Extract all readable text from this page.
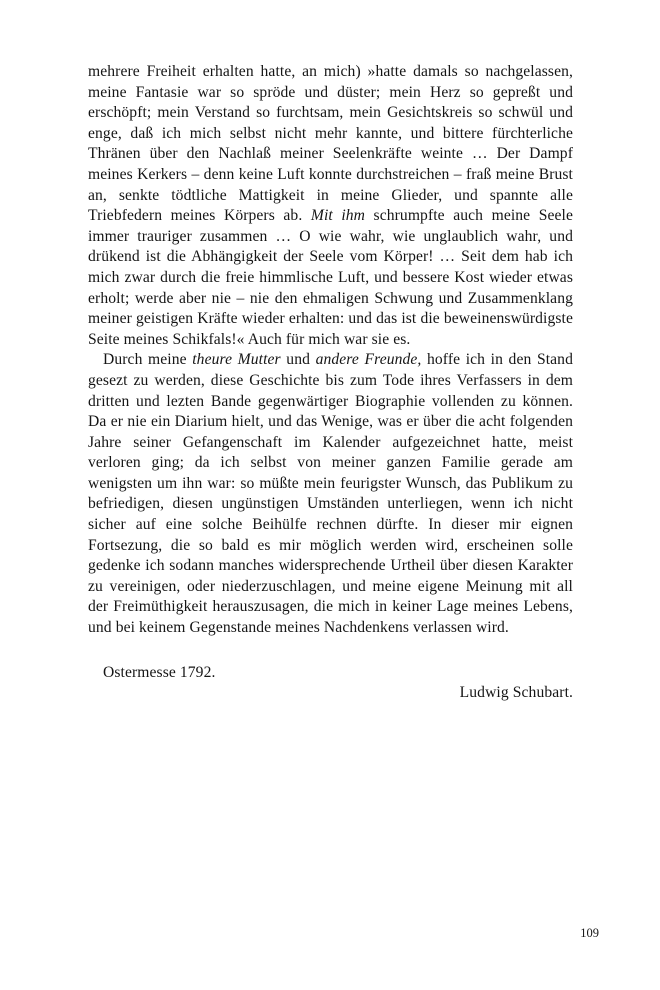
mehrere Freiheit erhalten hatte, an mich) »hatte damals so nachgelassen, meine Fantasie war so spröde und düster; mein Herz so gepreßt und erschöpft; mein Verstand so furchtsam, mein Gesichtskreis so schwül und enge, daß ich mich selbst nicht mehr kannte, und bittere fürchterliche Thränen über den Nachlaß meiner Seelenkräfte weinte … Der Dampf meines Kerkers – denn keine Luft konnte durchstreichen – fraß meine Brust an, senkte tödtliche Mattigkeit in meine Glieder, und spannte alle Triebfedern meines Körpers ab. Mit ihm schrumpfte auch meine Seele immer trauriger zusammen … O wie wahr, wie unglaublich wahr, und drükend ist die Abhängigkeit der Seele vom Körper! … Seit dem hab ich mich zwar durch die freie himmlische Luft, und bessere Kost wieder etwas erholt; werde aber nie – nie den ehmaligen Schwung und Zusammenklang meiner geistigen Kräfte wieder erhalten: und das ist die beweinenswürdigste Seite meines Schikfals!« Auch für mich war sie es.

Durch meine theure Mutter und andere Freunde, hoffe ich in den Stand gesezt zu werden, diese Geschichte bis zum Tode ihres Verfassers in dem dritten und lezten Bande gegenwärtiger Biographie vollenden zu können. Da er nie ein Diarium hielt, und das Wenige, was er über die acht folgenden Jahre seiner Gefangenschaft im Kalender aufgezeichnet hatte, meist verloren ging; da ich selbst von meiner ganzen Familie gerade am wenigsten um ihn war: so müßte mein feurigster Wunsch, das Publikum zu befriedigen, diesen ungünstigen Umständen unterliegen, wenn ich nicht sicher auf eine solche Beihülfe rechnen dürfte. In dieser mir eignen Fortsezung, die so bald es mir möglich werden wird, erscheinen solle gedenke ich sodann manches widersprechende Urtheil über diesen Karakter zu vereinigen, oder niederzuschlagen, und meine eigene Meinung mit all der Freimüthigkeit herauszusagen, die mich in keiner Lage meines Lebens, und bei keinem Gegenstande meines Nachdenkens verlassen wird.

Ostermesse 1792.

Ludwig Schubart.

109
